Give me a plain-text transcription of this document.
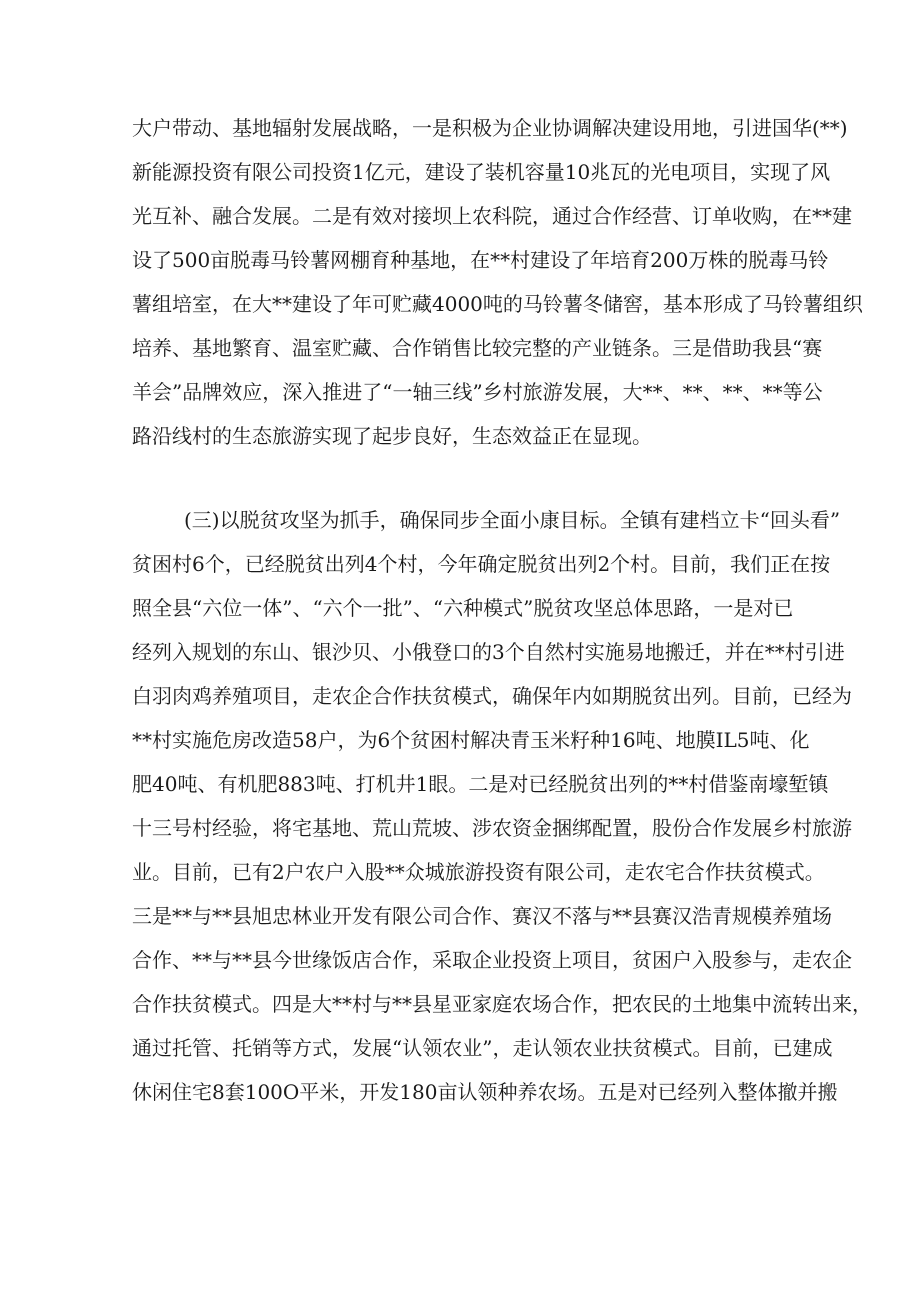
大户带动、基地辐射发展战略，一是积极为企业协调解决建设用地，引进国华(**)
新能源投资有限公司投资1亿元，建设了装机容量10兆瓦的光电项目，实现了风
光互补、融合发展。二是有效对接坝上农科院，通过合作经营、订单收购，在**建
设了500亩脱毒马铃薯网棚育种基地，在**村建设了年培育200万株的脱毒马铃
薯组培室，在大**建设了年可贮藏4000吨的马铃薯冬储窖，基本形成了马铃薯组织
培养、基地繁育、温室贮藏、合作销售比较完整的产业链条。三是借助我县“赛
羊会”品牌效应，深入推进了“一轴三线”乡村旅游发展，大**、**、**、**等公
路沿线村的生态旅游实现了起步良好，生态效益正在显现。
(三)以脱贫攻坚为抓手，确保同步全面小康目标。全镇有建档立卡“回头看”
贫困村6个，已经脱贫出列4个村，今年确定脱贫出列2个村。目前，我们正在按
照全县“六位一体”、“六个一批”、“六种模式”脱贫攻坚总体思路，一是对已
经列入规划的东山、银沙贝、小俄登口的3个自然村实施易地搬迁，并在**村引进
白羽肉鸡养殖项目，走农企合作扶贫模式，确保年内如期脱贫出列。目前，已经为
**村实施危房改造58户，为6个贫困村解决青玉米籽种16吨、地膜IL5吨、化
肥40吨、有机肥883吨、打机井1眼。二是对已经脱贫出列的**村借鉴南壕堑镇
十三号村经验，将宅基地、荒山荒坡、涉农资金捆绑配置，股份合作发展乡村旅游
业。目前，已有2户农户入股**众城旅游投资有限公司，走农宅合作扶贫模式。
三是**与**县旭忠林业开发有限公司合作、赛汉不落与**县赛汉浩青规模养殖场
合作、**与**县今世缘饭店合作，采取企业投资上项目，贫困户入股参与，走农企
合作扶贫模式。四是大**村与**县星亚家庭农场合作，把农民的土地集中流转出来，
通过托管、托销等方式，发展“认领农业”，走认领农业扶贫模式。目前，已建成
休闲住宅8套100O平米，开发180亩认领种养农场。五是对已经列入整体撤并搬
